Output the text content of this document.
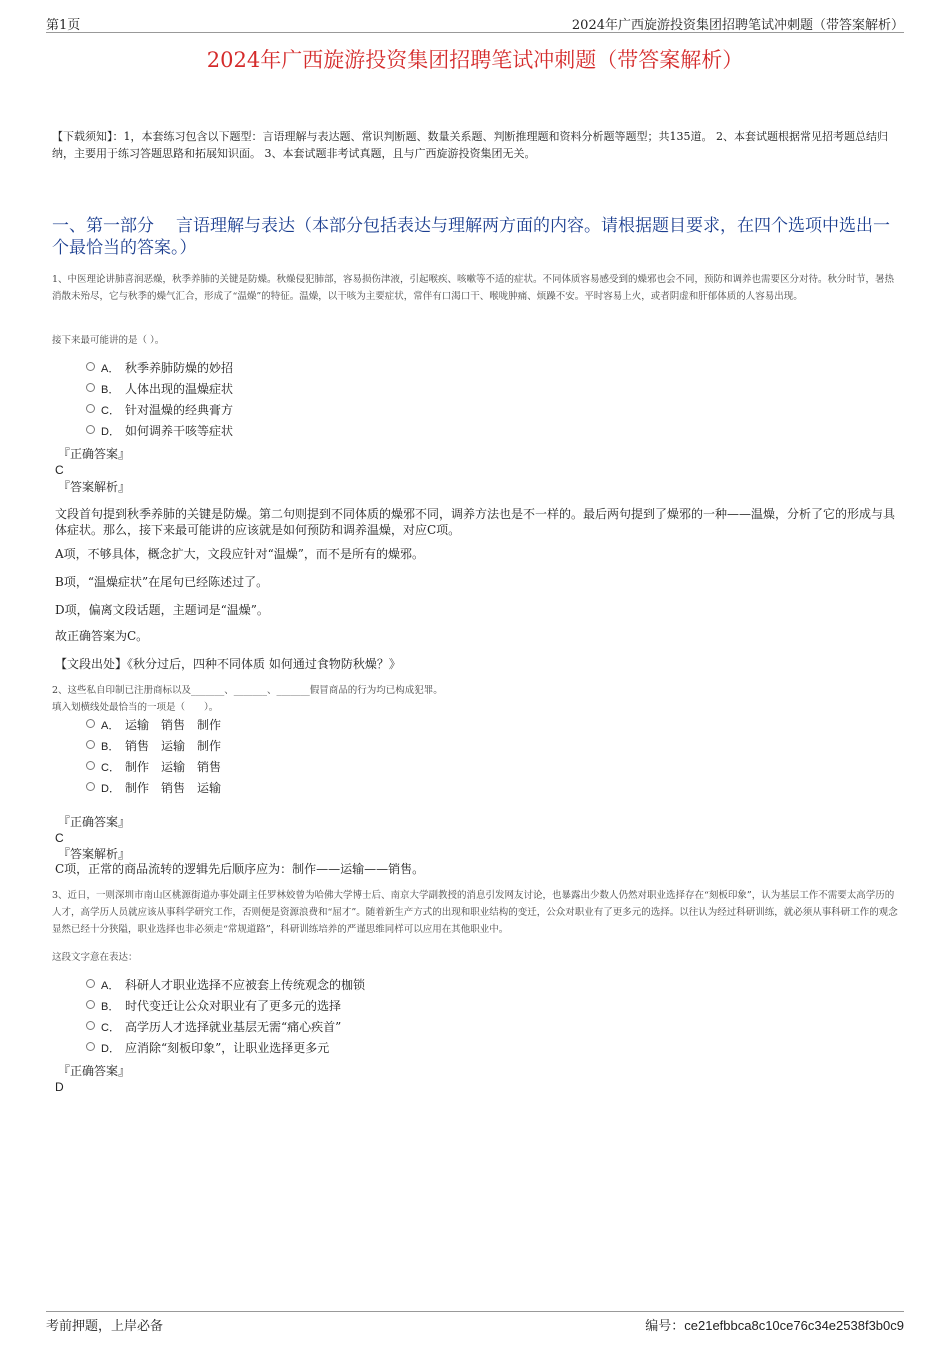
第1页	2024年广西旋游投资集团招聘笔试冲刺题（带答案解析）
2024年广西旋游投资集团招聘笔试冲刺题（带答案解析）
【下载须知】：1，本套练习包含以下题型：言语理解与表达题、常识判断题、数量关系题、判断推理题和资料分析题等题型；共135道。 2、本套试题根据常见招考题总结归纳，主要用于练习答题思路和拓展知识面。 3、本套试题非考试真题，且与广西旋游投资集团无关。
一、第一部分 言语理解与表达（本部分包括表达与理解两方面的内容。请根据题目要求，在四个选项中选出一个最恰当的答案。）
1、中医理论讲肺喜润恶燥，秋季养肺的关键是防燥。秋燥侵犯肺部，容易损伤津液，引起喉疾、咳嗽等不适的症状。不同体质容易感受到的燥邪也会不同，预防和调养也需要区分对待。秋分时节，暑热消散未殆尽，它与秋季的燥气汇合，形成了“温燥”的特征。温燥，以干咳为主要症状，常伴有口渴口干、喉咙肿痛、烦躁不安。平时容易上火，或者阴虚和肝郁体质的人容易出现。
接下来最可能讲的是（ ）。
A． 秋季养肺防燥的妙招
B． 人体出现的温燥症状
C． 针对温燥的经典膏方
D． 如何调养干咳等症状
『正确答案』
C
『答案解析』
文段首句提到秋季养肺的关键是防燥。第二句则提到不同体质的燥邪不同，调养方法也是不一样的。最后两句提到了燥邪的一种——温燥，分析了它的形成与具体症状。那么，接下来最可能讲的应该就是如何预防和调养温燥，对应C项。
A项，不够具体，概念扩大，文段应针对“温燥”，而不是所有的燥邪。
B项，“温燥症状”在尾句已经陈述过了。
D项，偏离文段话题，主题词是“温燥”。
故正确答案为C。
【文段出处】《秋分过后，四种不同体质 如何通过食物防秋燥？》
2、这些私自印制已注册商标以及_______、_______、_______假冒商品的行为均已构成犯罪。
填入划横线处最恰当的一项是（　　）。
A． 运输　销售　制作
B． 销售　运输　制作
C． 制作　运输　销售
D． 制作　销售　运输
『正确答案』
C
『答案解析』
C项，正常的商品流转的逻辑先后顺序应为：制作——运输——销售。
3、近日，一则深圳市南山区桃源街道办事处副主任罗林姣曾为哈佛大学博士后、南京大学副教授的消息引发网友讨论，也暴露出少数人仍然对职业选择存在“刻板印象”，认为基层工作不需要太高学历的人才，高学历人员就应该从事科学研究工作，否则便是资源浪费和“屈才”。随着新生产方式的出现和职业结构的变迁，公众对职业有了更多元的选择。以往认为经过科研训练，就必须从事科研工作的观念显然已经十分狭隘，职业选择也非必须走“常规道路”，科研训练培养的严谨思维同样可以应用在其他职业中。
这段文字意在表达：
A． 科研人才职业选择不应被套上传统观念的枷锁
B． 时代变迁让公众对职业有了更多元的选择
C． 高学历人才选择就业基层无需“痛心疾首”
D． 应消除“刻板印象”，让职业选择更多元
『正确答案』
D
考前押题，上岸必备	编号：ce21efbbca8c10ce76c34e2538f3b0c9
